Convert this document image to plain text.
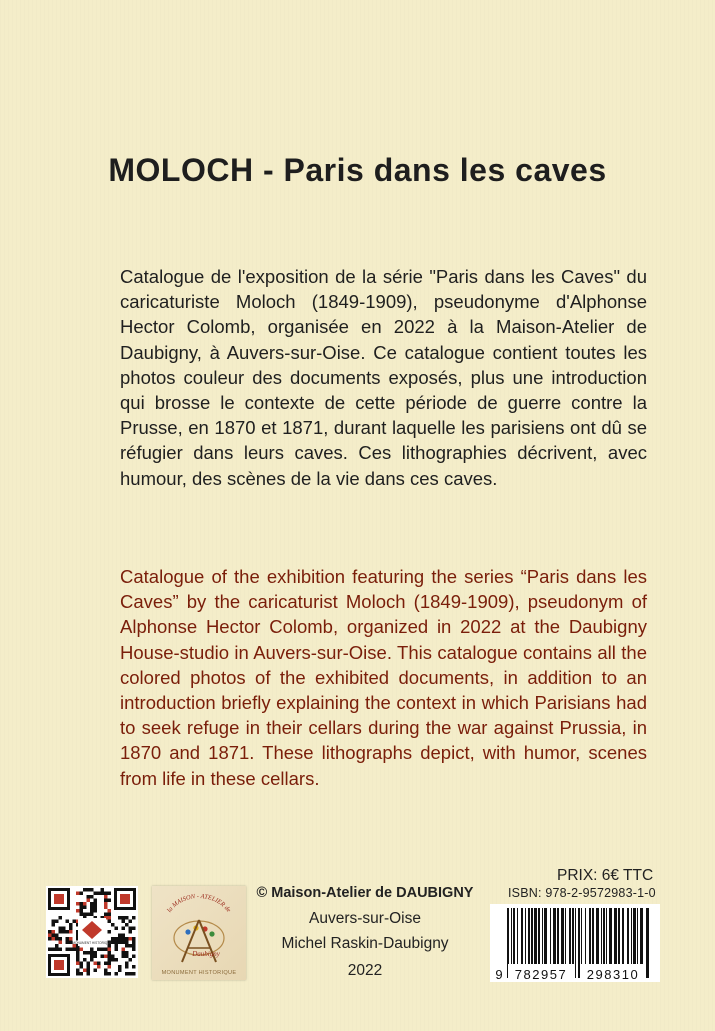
MOLOCH - Paris dans les caves

Catalogue de l'exposition de la série "Paris dans les Caves" du caricaturiste Moloch (1849-1909), pseudonyme d'Alphonse Hector Colomb, organisée en 2022 à la Maison-Atelier de Daubigny, à Auvers-sur-Oise. Ce catalogue contient toutes les photos couleur des documents exposés, plus une introduction qui brosse le contexte de cette période de guerre contre la Prusse, en 1870 et 1871, durant laquelle les parisiens ont dû se réfugier dans leurs caves. Ces lithographies décrivent, avec humour, des scènes de la vie dans ces caves.

Catalogue of the exhibition featuring the series “Paris dans les Caves” by the caricaturist Moloch (1849-1909), pseudonym of Alphonse Hector Colomb, organized in 2022 at the Daubigny House-studio in Auvers-sur-Oise. This catalogue contains all the colored photos of the exhibited documents, in addition to an introduction briefly explaining the context in which Parisians had to seek refuge in their cellars during the war against Prussia, in 1870 and 1871. These lithographs depict, with humor, scenes from life in these cellars.

MONUMENT HISTORIQUE
la MAISON - ATELIER de
Daubigny
MONUMENT HISTORIQUE

© Maison-Atelier de DAUBIGNY

Auvers-sur-Oise

Michel Raskin-Daubigny

2022

PRIX: 6€ TTC
ISBN: 978-2-9572983-1-0
9 782957 298310
